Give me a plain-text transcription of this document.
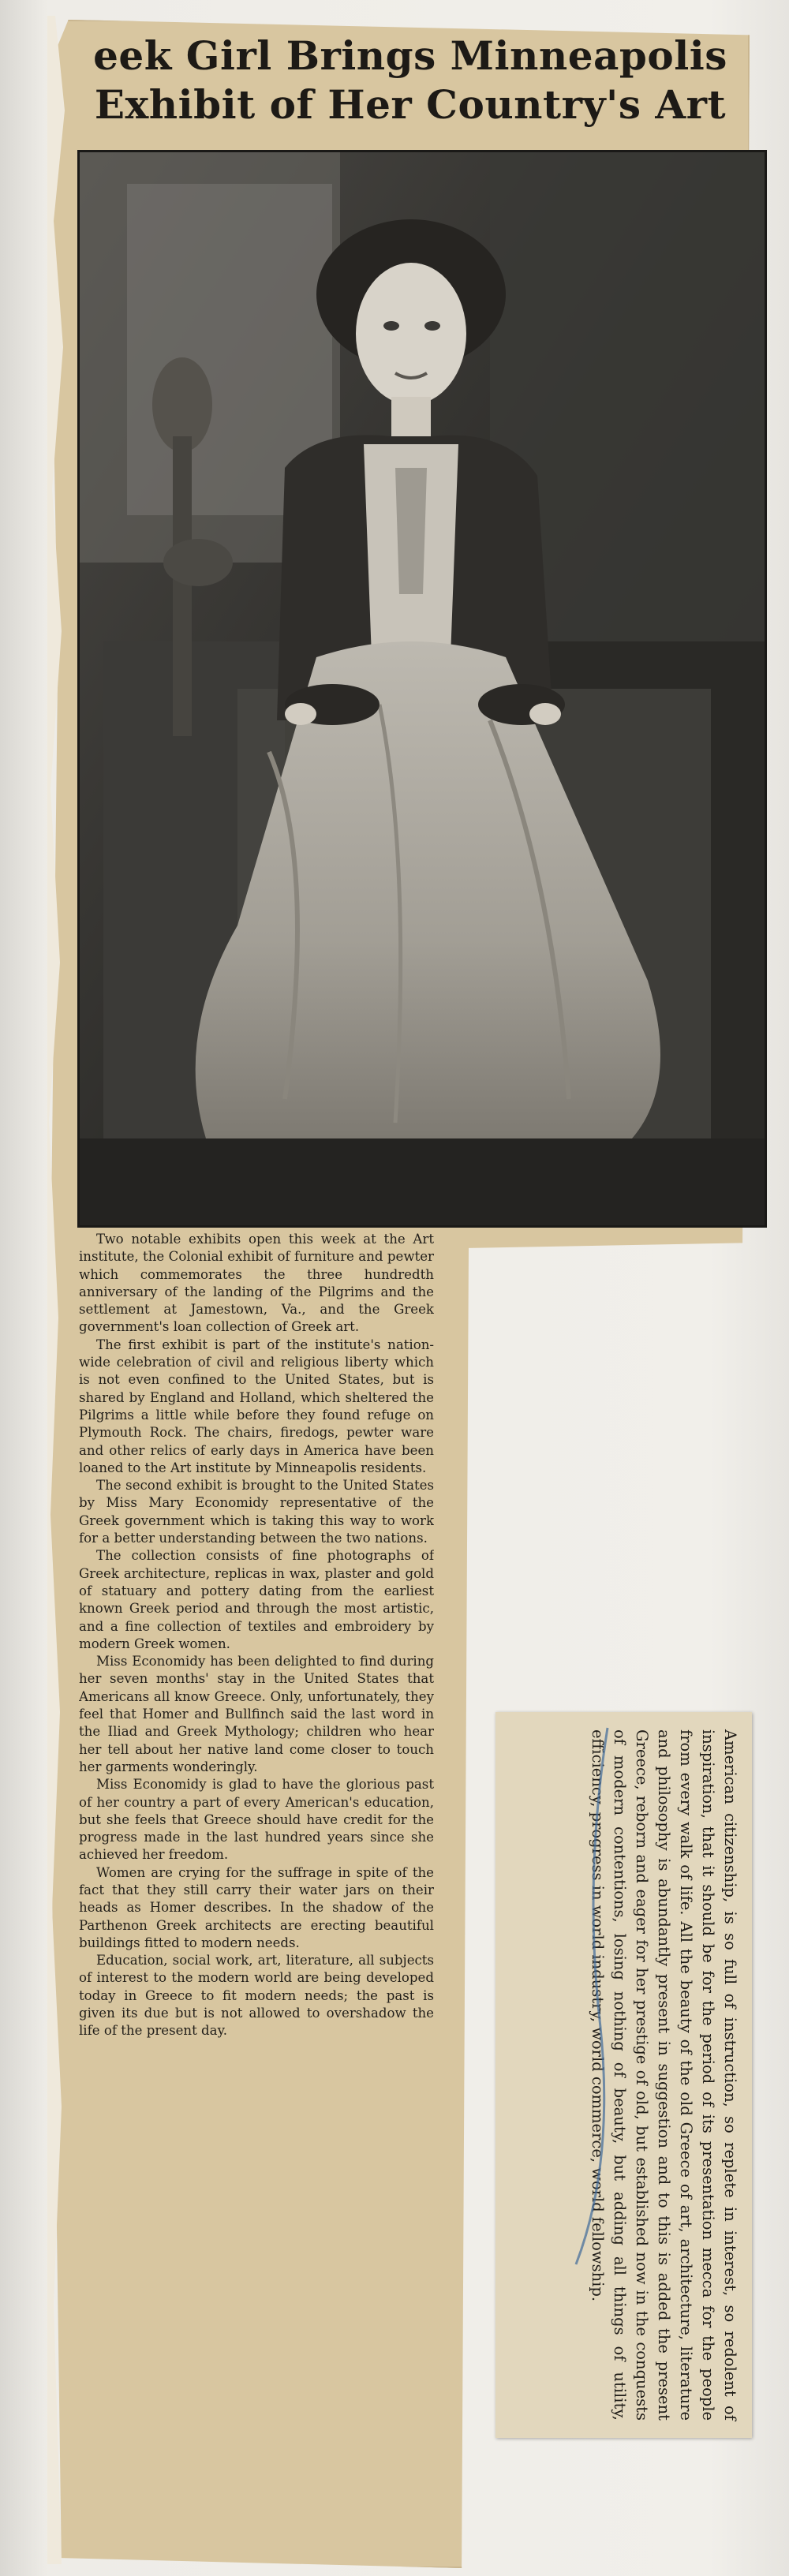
eek Girl Brings Minneapolis
Exhibit of Her Country's Art

Two notable exhibits open this week at the Art institute, the Colonial exhibit of furniture and pewter which commemorates the three hundredth anniversary of the landing of the Pilgrims and the settlement at Jamestown, Va., and the Greek government's loan collection of Greek art.

The first exhibit is part of the institute's nation-wide celebration of civil and religious liberty which is not even confined to the United States, but is shared by England and Holland, which sheltered the Pilgrims a little while before they found refuge on Plymouth Rock. The chairs, firedogs, pewter ware and other relics of early days in America have been loaned to the Art institute by Minneapolis residents.

The second exhibit is brought to the United States by Miss Mary Economidy representative of the Greek government which is taking this way to work for a better understanding between the two nations.

The collection consists of fine photographs of Greek architecture, replicas in wax, plaster and gold of statuary and pottery dating from the earliest known Greek period and through the most artistic, and a fine collection of textiles and embroidery by modern Greek women.

Miss Economidy has been delighted to find during her seven months' stay in the United States that Americans all know Greece. Only, unfortunately, they feel that Homer and Bullfinch said the last word in the Iliad and Greek Mythology; children who hear her tell about her native land come closer to touch her garments wonderingly.

Miss Economidy is glad to have the glorious past of her country a part of every American's education, but she feels that Greece should have credit for the progress made in the last hundred years since she achieved her freedom.

Women are crying for the suffrage in spite of the fact that they still carry their water jars on their heads as Homer describes. In the shadow of the Parthenon Greek architects are erecting beautiful buildings fitted to modern needs.

Education, social work, art, literature, all subjects of interest to the modern world are being developed today in Greece to fit modern needs; the past is given its due but is not allowed to overshadow the life of the present day.	American citizenship, is so full of instruction, so replete in interest, so redolent of inspiration, that it should be for the period of its presentation mecca for the people from every walk of life. All the beauty of the old Greece of art, architecture, literature and philosophy is abundantly present in suggestion and to this is added the present Greece, reborn and eager for her prestige of old, but established now in the conquests of modern contentions, losing nothing of beauty, but adding all things of utility, efficiency, progress in world industry, world commerce, world fellowship.
